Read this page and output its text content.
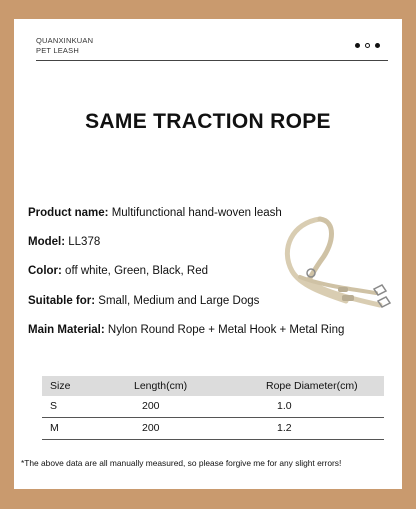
QUANXINKUAN
PET LEASH
SAME TRACTION ROPE
Product name: Multifunctional hand-woven leash
Model: LL378
Color: off white, Green, Black, Red
Suitable for: Small, Medium and Large Dogs
Main Material: Nylon Round Rope + Metal Hook + Metal Ring
Size	Length(cm)	Rope Diameter(cm)
S	200	1.0
M	200	1.2
*The above data are all manually measured, so please forgive me for any slight errors!
